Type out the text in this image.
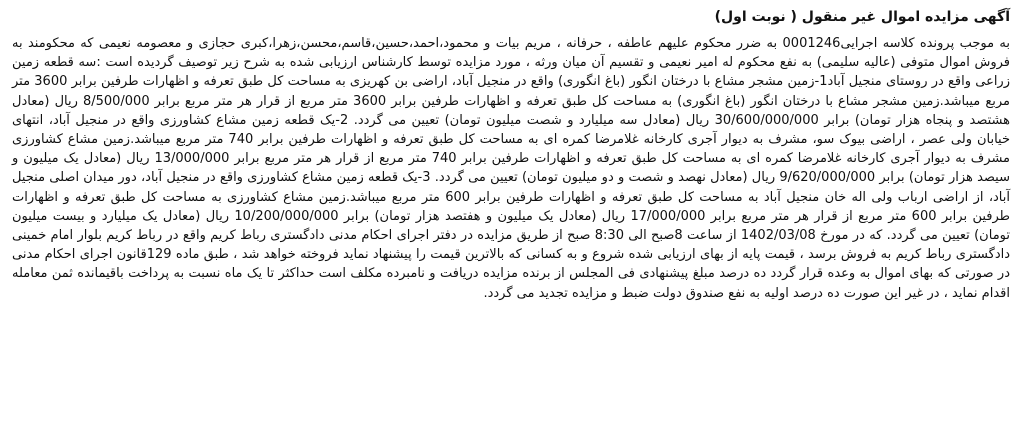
آگهی مزایده اموال غیر منقول ( نوبت اول)

به موجب پرونده کلاسه اجرایی0001246 به ضرر محکوم علیهم عاطفه ، حرفانه ، مریم بیات و محمود،احمد،حسین،قاسم،محسن،زهرا،کبری حجازی و معصومه نعیمی که محکومند به فروش اموال متوفی (عالیه سلیمی) به نفع محکوم له امیر نعیمی و تقسیم آن میان ورثه ، مورد مزایده توسط کارشناس ارزیابی شده به شرح زیر توصیف گردیده است :سه قطعه زمین زراعی واقع در روستای منجیل آباد1-زمین مشجر مشاع با درختان انگور (باغ انگوری) واقع در منجیل آباد، اراضی بن کهریزی به مساحت کل طبق تعرفه و اظهارات طرفین برابر 3600 متر مربع میباشد.زمین مشجر مشاع با درختان انگور (باغ انگوری) به مساحت کل طبق تعرفه و اظهارات طرفین برابر 3600 متر مربع از قرار هر متر مربع برابر 8/500/000 ریال (معادل هشتصد و پنجاه هزار تومان) برابر 30/600/000/000 ریال (معادل سه میلیارد و شصت میلیون تومان) تعیین می گردد. 2-یک قطعه زمین مشاع کشاورزی واقع در منجیل آباد، انتهای خیابان ولی عصر ، اراضی بیوک سو، مشرف به دیوار آجری کارخانه غلامرضا کمره ای به مساحت کل طبق تعرفه و اظهارات طرفین برابر 740 متر مربع میباشد.زمین مشاع کشاورزی مشرف به دیوار آجری کارخانه غلامرضا کمره ای به مساحت کل طبق تعرفه و اظهارات طرفین برابر 740 متر مربع از قرار هر متر مربع برابر 13/000/000 ریال (معادل یک میلیون و سیصد هزار تومان) برابر 9/620/000/000 ریال (معادل نهصد و شصت و دو میلیون تومان) تعیین می گردد. 3-یک قطعه زمین مشاع کشاورزی واقع در منجیل آباد، دور میدان اصلی منجیل آباد، از اراضی ارباب ولی اله خان منجیل آباد به مساحت کل طبق تعرفه و اظهارات طرفین برابر 600 متر مربع میباشد.زمین مشاع کشاورزی به مساحت کل طبق تعرفه و اظهارات طرفین برابر 600 متر مربع از قرار هر متر مربع برابر 17/000/000 ریال (معادل یک میلیون و هفتصد هزار تومان) برابر 10/200/000/000 ریال (معادل یک میلیارد و بیست میلیون تومان) تعیین می گردد. که در مورخ 1402/03/08 از ساعت 8صبح الی 8:30 صبح از طریق مزایده در دفتر اجرای احکام مدنی دادگستری رباط کریم واقع در رباط کریم بلوار امام خمینی دادگستری رباط کریم به فروش برسد ، قیمت پایه از بهای ارزیابی شده شروع و به کسانی که بالاترین قیمت را پیشنهاد نماید فروخته خواهد شد ، طبق ماده 129قانون اجرای احکام مدنی در صورتی که بهای اموال به وعده قرار گردد ده درصد مبلغ پیشنهادی فی المجلس از برنده مزایده دریافت و نامبرده مکلف است حداکثر تا یک ماه نسبت به پرداخت باقیمانده ثمن معامله اقدام نماید ، در غیر این صورت ده درصد اولیه به نفع صندوق دولت ضبط و مزایده تجدید می گردد.
